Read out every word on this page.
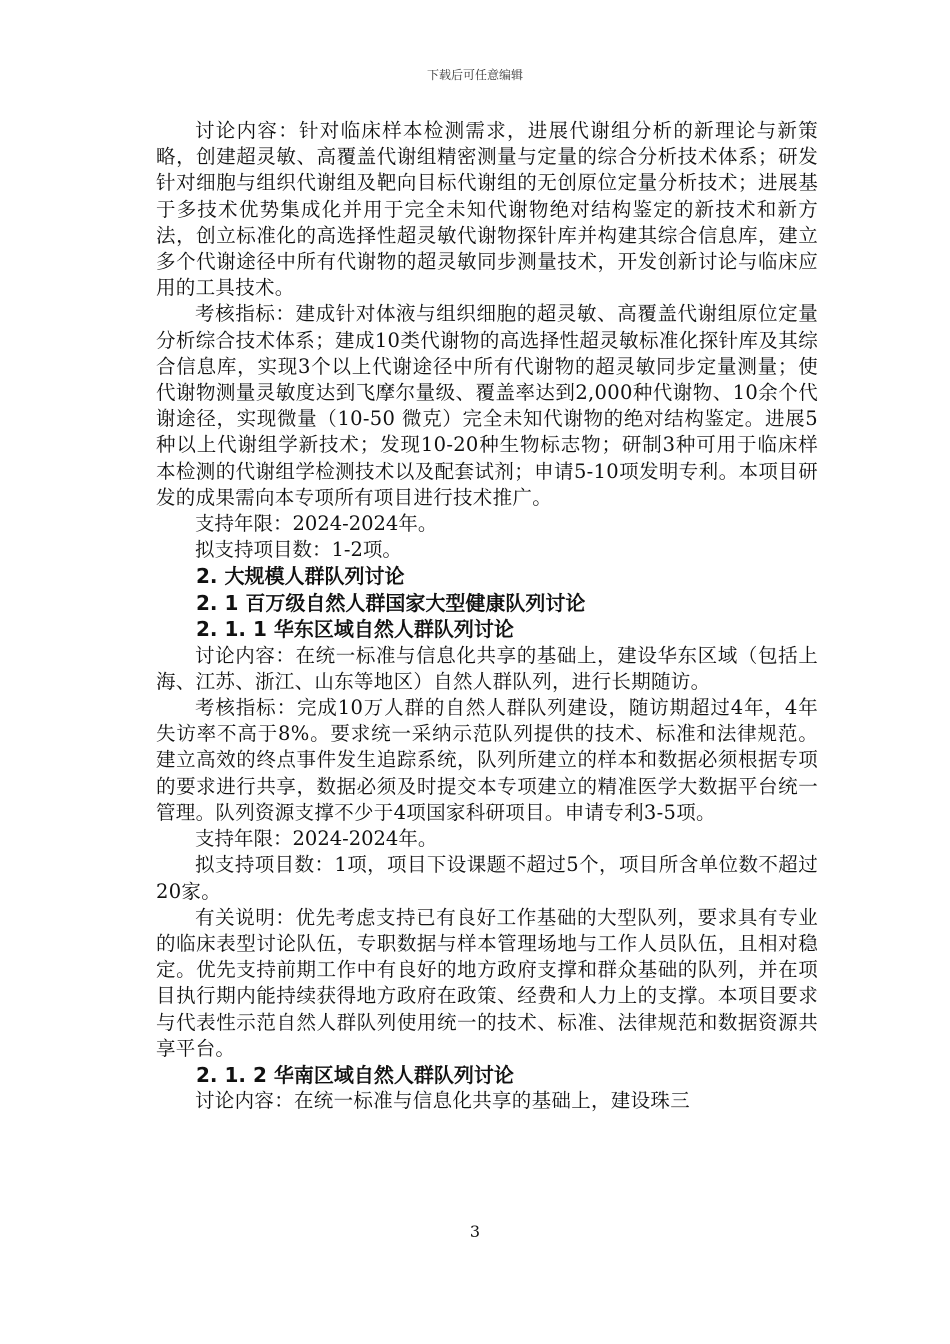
下载后可任意编辑

讨论内容：针对临床样本检测需求，进展代谢组分析的新理论与新策略，创建超灵敏、高覆盖代谢组精密测量与定量的综合分析技术体系；研发针对细胞与组织代谢组及靶向目标代谢组的无创原位定量分析技术；进展基于多技术优势集成化并用于完全未知代谢物绝对结构鉴定的新技术和新方法，创立标准化的高选择性超灵敏代谢物探针库并构建其综合信息库，建立多个代谢途径中所有代谢物的超灵敏同步测量技术，开发创新讨论与临床应用的工具技术。

考核指标：建成针对体液与组织细胞的超灵敏、高覆盖代谢组原位定量分析综合技术体系；建成10类代谢物的高选择性超灵敏标准化探针库及其综合信息库，实现3个以上代谢途径中所有代谢物的超灵敏同步定量测量；使代谢物测量灵敏度达到飞摩尔量级、覆盖率达到2,000种代谢物、10余个代谢途径，实现微量（10-50 微克）完全未知代谢物的绝对结构鉴定。进展5种以上代谢组学新技术；发现10-20种生物标志物；研制3种可用于临床样本检测的代谢组学检测技术以及配套试剂；申请5-10项发明专利。本项目研发的成果需向本专项所有项目进行技术推广。

支持年限：2024-2024年。

拟支持项目数：1-2项。

2. 大规模人群队列讨论

2. 1 百万级自然人群国家大型健康队列讨论

2. 1. 1 华东区域自然人群队列讨论

讨论内容：在统一标准与信息化共享的基础上，建设华东区域（包括上海、江苏、浙江、山东等地区）自然人群队列，进行长期随访。

考核指标：完成10万人群的自然人群队列建设，随访期超过4年，4年失访率不高于8%。要求统一采纳示范队列提供的技术、标准和法律规范。建立高效的终点事件发生追踪系统，队列所建立的样本和数据必须根据专项的要求进行共享，数据必须及时提交本专项建立的精准医学大数据平台统一管理。队列资源支撑不少于4项国家科研项目。申请专利3-5项。

支持年限：2024-2024年。

拟支持项目数：1项，项目下设课题不超过5个，项目所含单位数不超过20家。

有关说明：优先考虑支持已有良好工作基础的大型队列，要求具有专业的临床表型讨论队伍，专职数据与样本管理场地与工作人员队伍，且相对稳定。优先支持前期工作中有良好的地方政府支撑和群众基础的队列，并在项目执行期内能持续获得地方政府在政策、经费和人力上的支撑。本项目要求与代表性示范自然人群队列使用统一的技术、标准、法律规范和数据资源共享平台。

2. 1. 2 华南区域自然人群队列讨论

讨论内容：在统一标准与信息化共享的基础上，建设珠三

3
